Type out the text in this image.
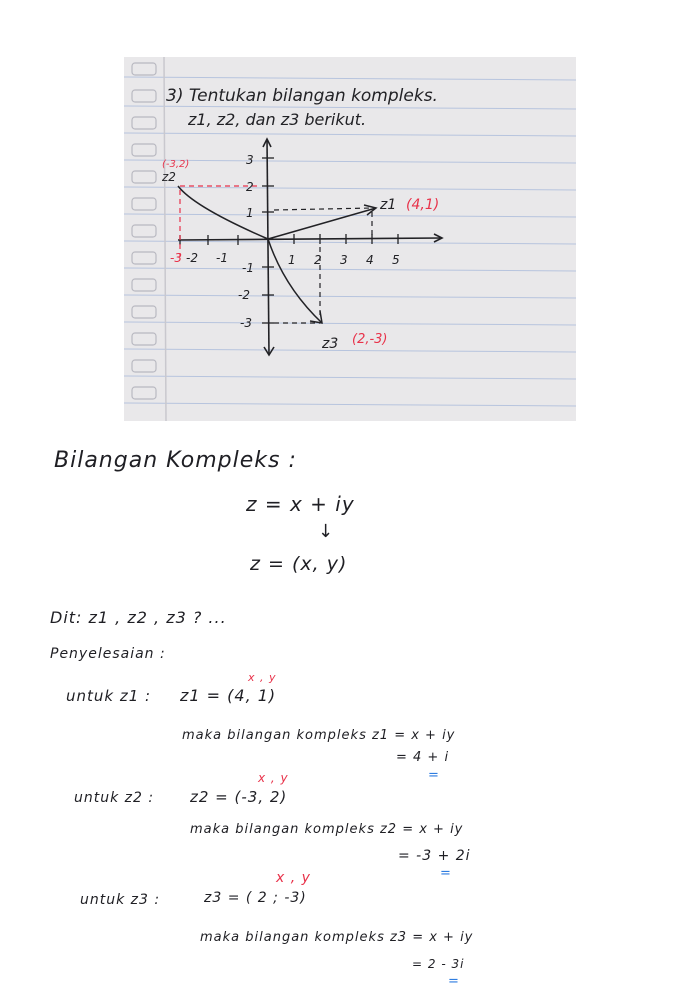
3) Tentukan bilangan kompleks.
z1, z2, dan z3 berikut.
3
2
1
-1
-2
-3
1 2 3 4 5
-2 -1
-3
z1 (4,1)
(-3,2)
z2
z3 (2,-3)
Bilangan Kompleks :
z = x + iy
↓
z = (x, y)
Dit: z1 , z2 , z3 ? ...
Penyelesaian :
x , y
untuk z1 : z1 = (4, 1)
maka bilangan kompleks z1 = x + iy
= 4 + i
=
x , y
untuk z2 : z2 = (-3, 2)
maka bilangan kompleks z2 = x + iy
= -3 + 2i
=
x , y
untuk z3 :	z3 = ( 2 ; -3)
maka bilangan kompleks z3 = x + iy
= 2 - 3i
=
